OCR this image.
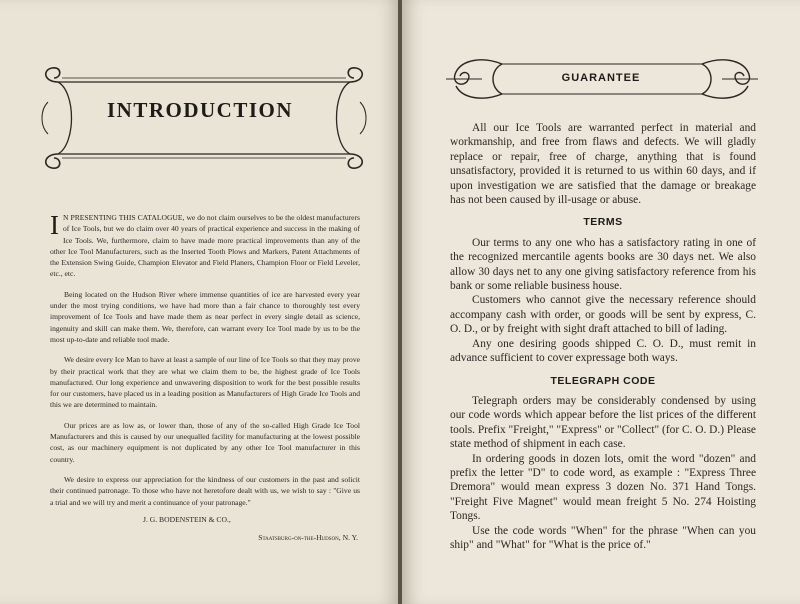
INTRODUCTION

I N PRESENTING THIS CATALOGUE, we do not claim ourselves to be the oldest manufacturers of Ice Tools, but we do claim over 40 years of practical experience and success in the making of Ice Tools. We, furthermore, claim to have made more practical improvements than any of the other Ice Tool Manufacturers, such as the Inserted Tooth Plows and Markers, Patent Attachments of the Extension Swing Guide, Champion Elevator and Field Planers, Champion Floor or Field Leveler, etc., etc.

Being located on the Hudson River where immense quantities of ice are harvested every year under the most trying conditions, we have had more than a fair chance to thoroughly test every improvement of Ice Tools and have made them as near perfect in every single detail as science, ingenuity and skill can make them. We, therefore, can warrant every Ice Tool made by us to be the most up-to-date and reliable tool made.

We desire every Ice Man to have at least a sample of our line of Ice Tools so that they may prove by their practical work that they are what we claim them to be, the highest grade of Ice Tools manufactured. Our long experience and unwavering disposition to work for the best possible results for our customers, have placed us in a leading position as Manufacturers of High Grade Ice Tools and this we are determined to maintain.

Our prices are as low as, or lower than, those of any of the so-called High Grade Ice Tool Manufacturers and this is caused by our unequalled facility for manufacturing at the lowest possible cost, as our machinery equipment is not duplicated by any other Ice Tool manufacturer in this country.

We desire to express our appreciation for the kindness of our customers in the past and solicit their continued patronage. To those who have not heretofore dealt with us, we wish to say : "Give us a trial and we will try and merit a continuance of your patronage."

J. G. BODENSTEIN & CO.,
Staatsburg-on-the-Hudson, N. Y.
GUARANTEE

All our Ice Tools are warranted perfect in material and workmanship, and free from flaws and defects. We will gladly replace or repair, free of charge, anything that is found unsatisfactory, provided it is returned to us within 60 days, and if upon investigation we are satisfied that the damage or breakage has not been caused by ill-usage or abuse.

TERMS

Our terms to any one who has a satisfactory rating in one of the recognized mercantile agents books are 30 days net. We also allow 30 days net to any one giving satisfactory reference from his bank or some reliable business house.

Customers who cannot give the necessary reference should accompany cash with order, or goods will be sent by express, C. O. D., or by freight with sight draft attached to bill of lading.

Any one desiring goods shipped C. O. D., must remit in advance sufficient to cover expressage both ways.

TELEGRAPH CODE

Telegraph orders may be considerably condensed by using our code words which appear before the list prices of the different tools. Prefix "Freight," "Express" or "Collect" (for C. O. D.) Please state method of shipment in each case.

In ordering goods in dozen lots, omit the word "dozen" and prefix the letter "D" to code word, as example : "Express Three Dremora" would mean express 3 dozen No. 371 Hand Tongs. "Freight Five Magnet" would mean freight 5 No. 274 Hoisting Tongs.

Use the code words "When" for the phrase "When can you ship" and "What" for "What is the price of."
